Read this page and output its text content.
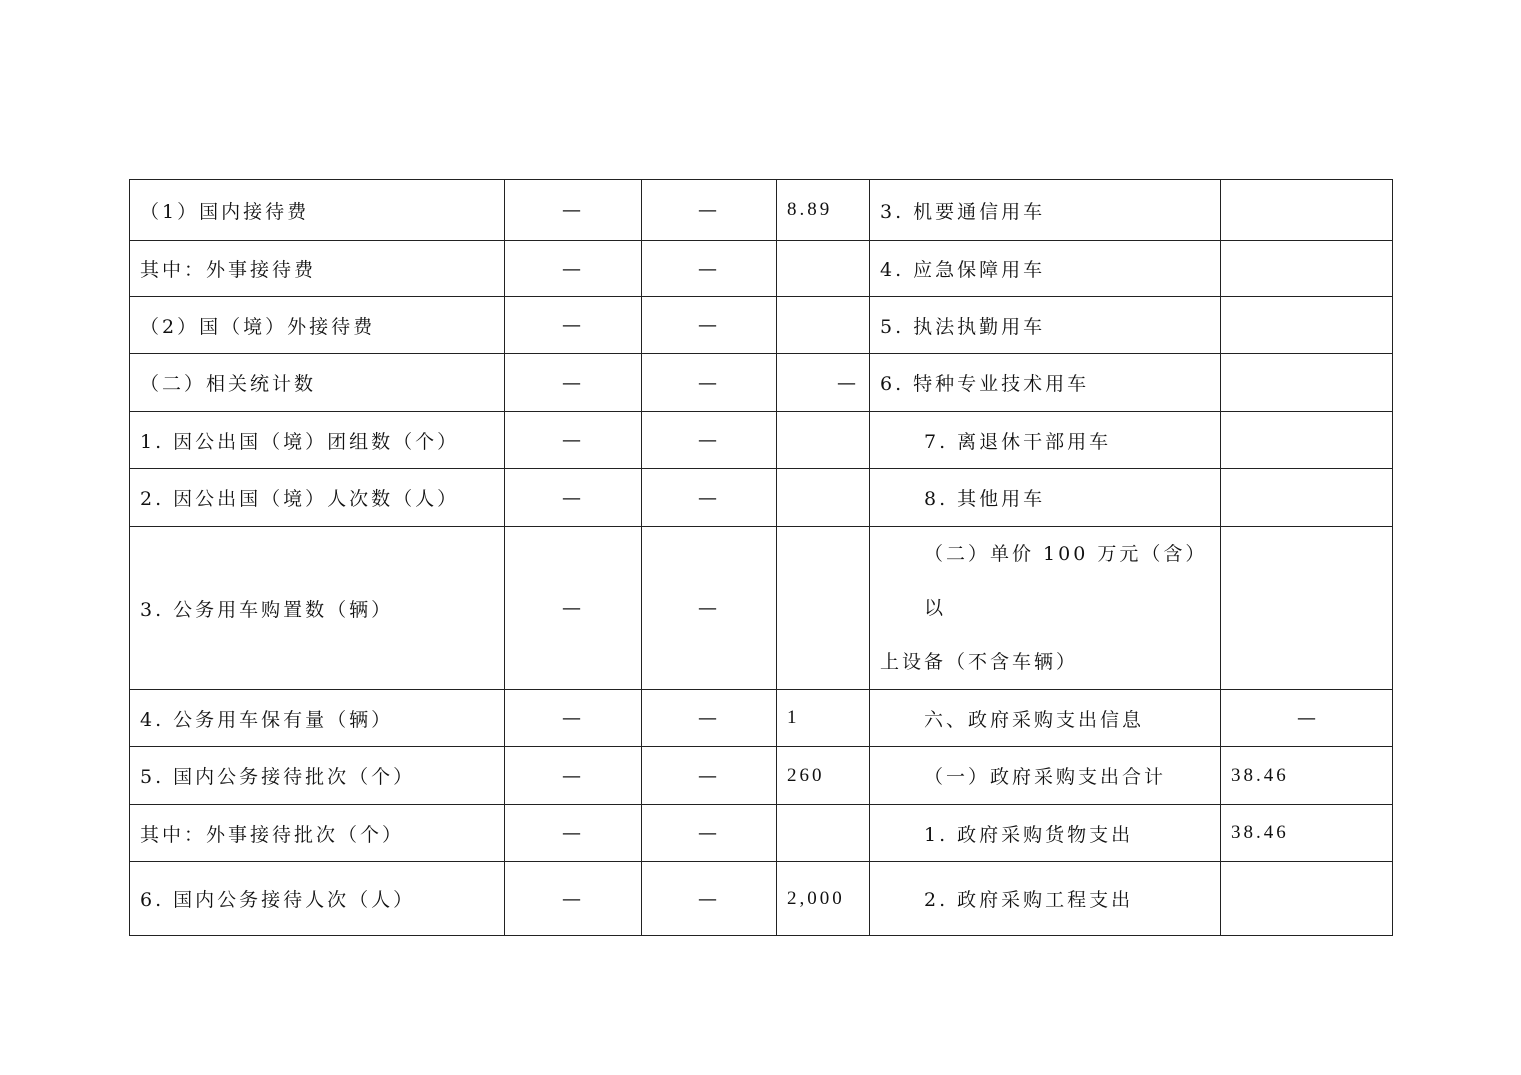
（1）国内接待费	—	—	8.89	3. 机要通信用车	
其中：外事接待费	—	—		4. 应急保障用车	
（2）国（境）外接待费	—	—		5. 执法执勤用车	
（二）相关统计数	—	—	—	6. 特种专业技术用车	
1. 因公出国（境）团组数（个）	—	—		7. 离退休干部用车	
2. 因公出国（境）人次数（人）	—	—		8. 其他用车	
3. 公务用车购置数（辆）	—	—		（二）单价 100 万元（含）以
上设备（不含车辆）	

4. 公务用车保有量（辆）	—	—	1	六、政府采购支出信息	—
5. 国内公务接待批次（个）	—	—	260	（一）政府采购支出合计	38.46
其中：外事接待批次（个）	—	—		1. 政府采购货物支出	38.46
6. 国内公务接待人次（人）	—	—	2,000	2. 政府采购工程支出	
